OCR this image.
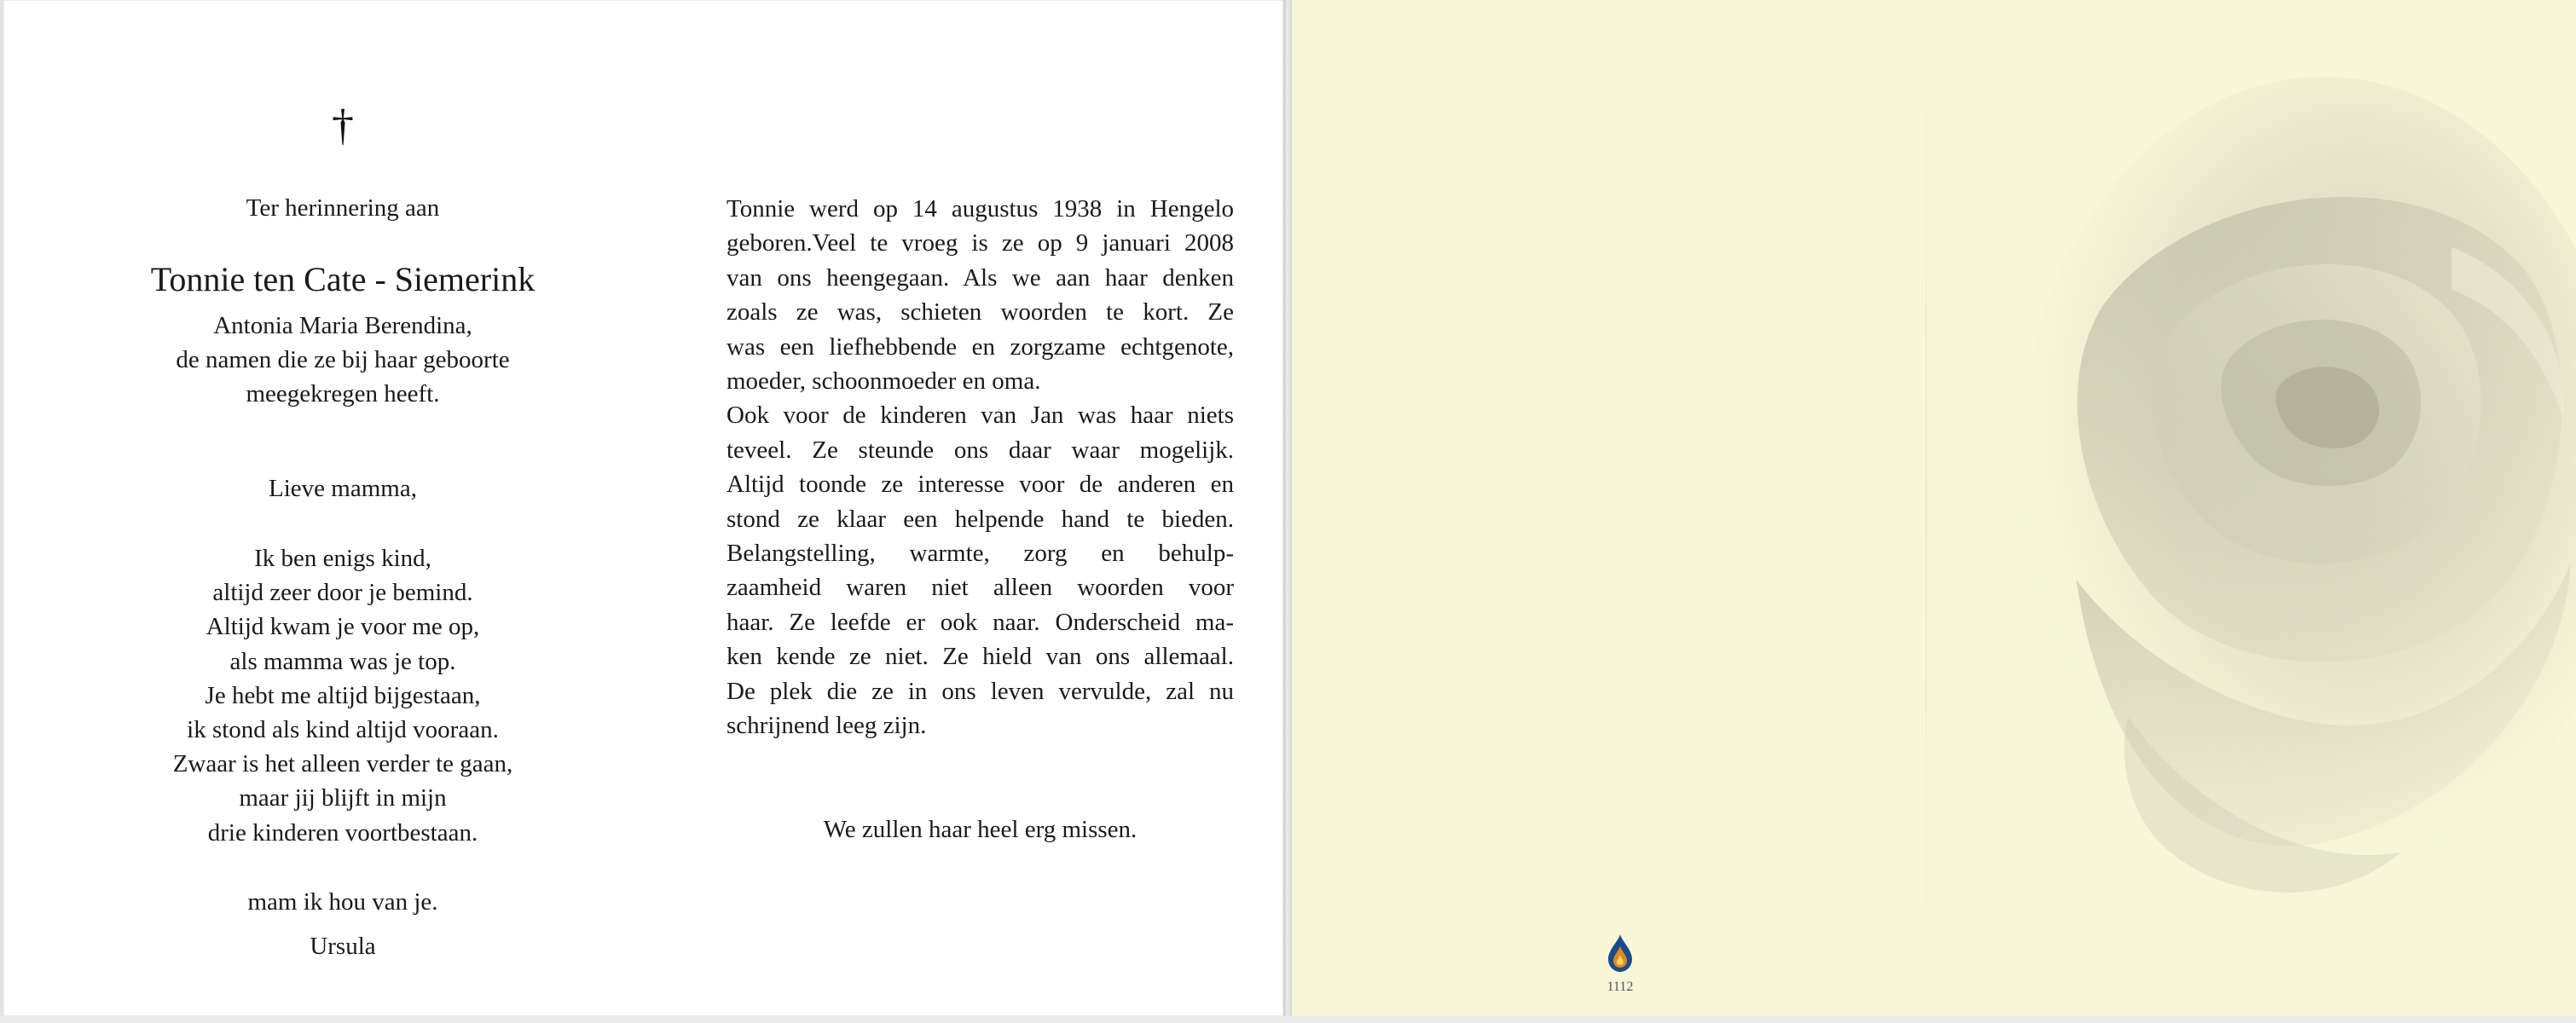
†
Ter herinnering aan
Tonnie ten Cate - Siemerink
Antonia Maria Berendina,
de namen die ze bij haar geboorte
meegekregen heeft.
Lieve mamma,
Ik ben enigs kind,
altijd zeer door je bemind.
Altijd kwam je voor me op,
als mamma was je top.
Je hebt me altijd bijgestaan,
ik stond als kind altijd vooraan.
Zwaar is het alleen verder te gaan,
maar jij blijft in mijn
drie kinderen voortbestaan.
mam ik hou van je.
Ursula
Tonnie werd op 14 augustus 1938 in Hengelo
geboren.Veel te vroeg is ze op 9 januari 2008
van ons heengegaan. Als we aan haar denken
zoals ze was, schieten woorden te kort. Ze
was een liefhebbende en zorgzame echtgenote,
moeder, schoonmoeder en oma.
Ook voor de kinderen van Jan was haar niets
teveel. Ze steunde ons daar waar mogelijk.
Altijd toonde ze interesse voor de anderen en
stond ze klaar een helpende hand te bieden.
Belangstelling, warmte, zorg en behulp-
zaamheid waren niet alleen woorden voor
haar. Ze leefde er ook naar. Onderscheid ma-
ken kende ze niet. Ze hield van ons allemaal.
De plek die ze in ons leven vervulde, zal nu
schrijnend leeg zijn.
We zullen haar heel erg missen.
1112
